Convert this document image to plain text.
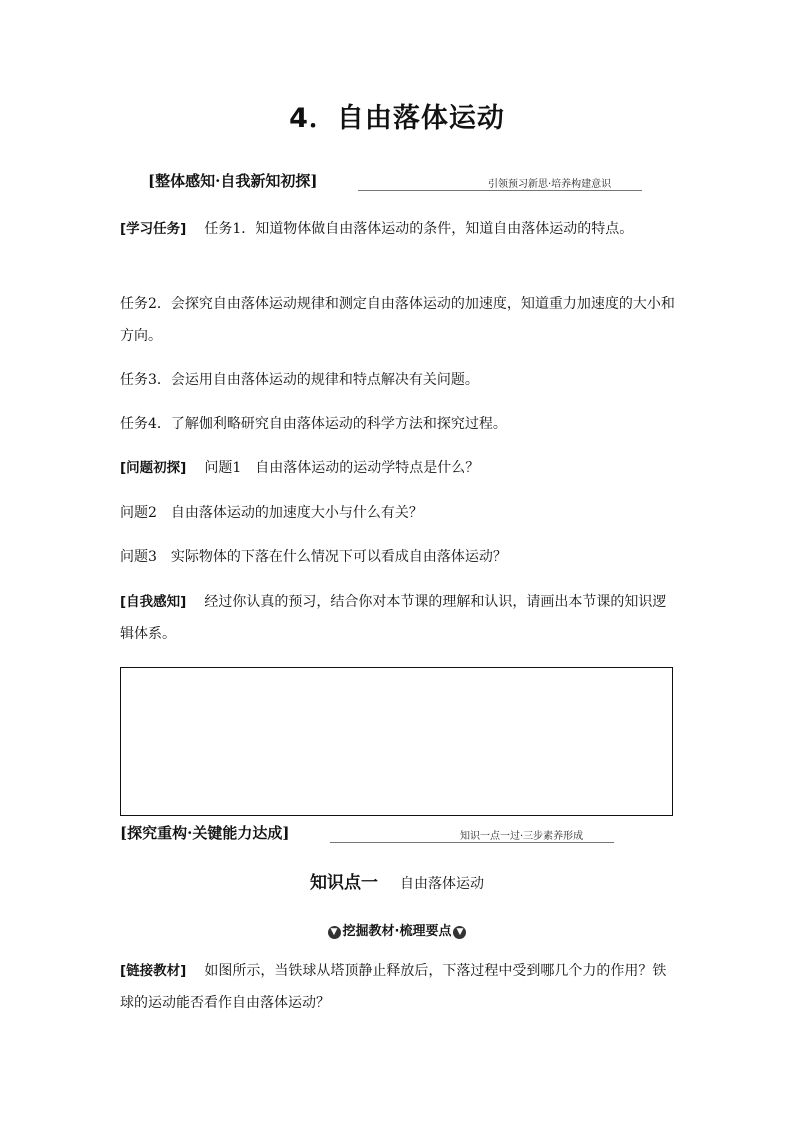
4．自由落体运动
[整体感知·自我新知初探]	引领预习新思·培养构建意识
[学习任务] 任务1．知道物体做自由落体运动的条件，知道自由落体运动的特点。
任务2．会探究自由落体运动规律和测定自由落体运动的加速度，知道重力加速度的大小和方向。
任务3．会运用自由落体运动的规律和特点解决有关问题。
任务4．了解伽利略研究自由落体运动的科学方法和探究过程。
[问题初探] 问题1　自由落体运动的运动学特点是什么？
问题2　自由落体运动的加速度大小与什么有关？
问题3　实际物体的下落在什么情况下可以看成自由落体运动？
[自我感知] 经过你认真的预习，结合你对本节课的理解和认识，请画出本节课的知识逻辑体系。
[探究重构·关键能力达成]	知识一点一过·三步素养形成
知识点一 自由落体运动
▼ 挖掘教材·梳理要点 ▼
[链接教材] 如图所示，当铁球从塔顶静止释放后，下落过程中受到哪几个力的作用？铁球的运动能否看作自由落体运动？
